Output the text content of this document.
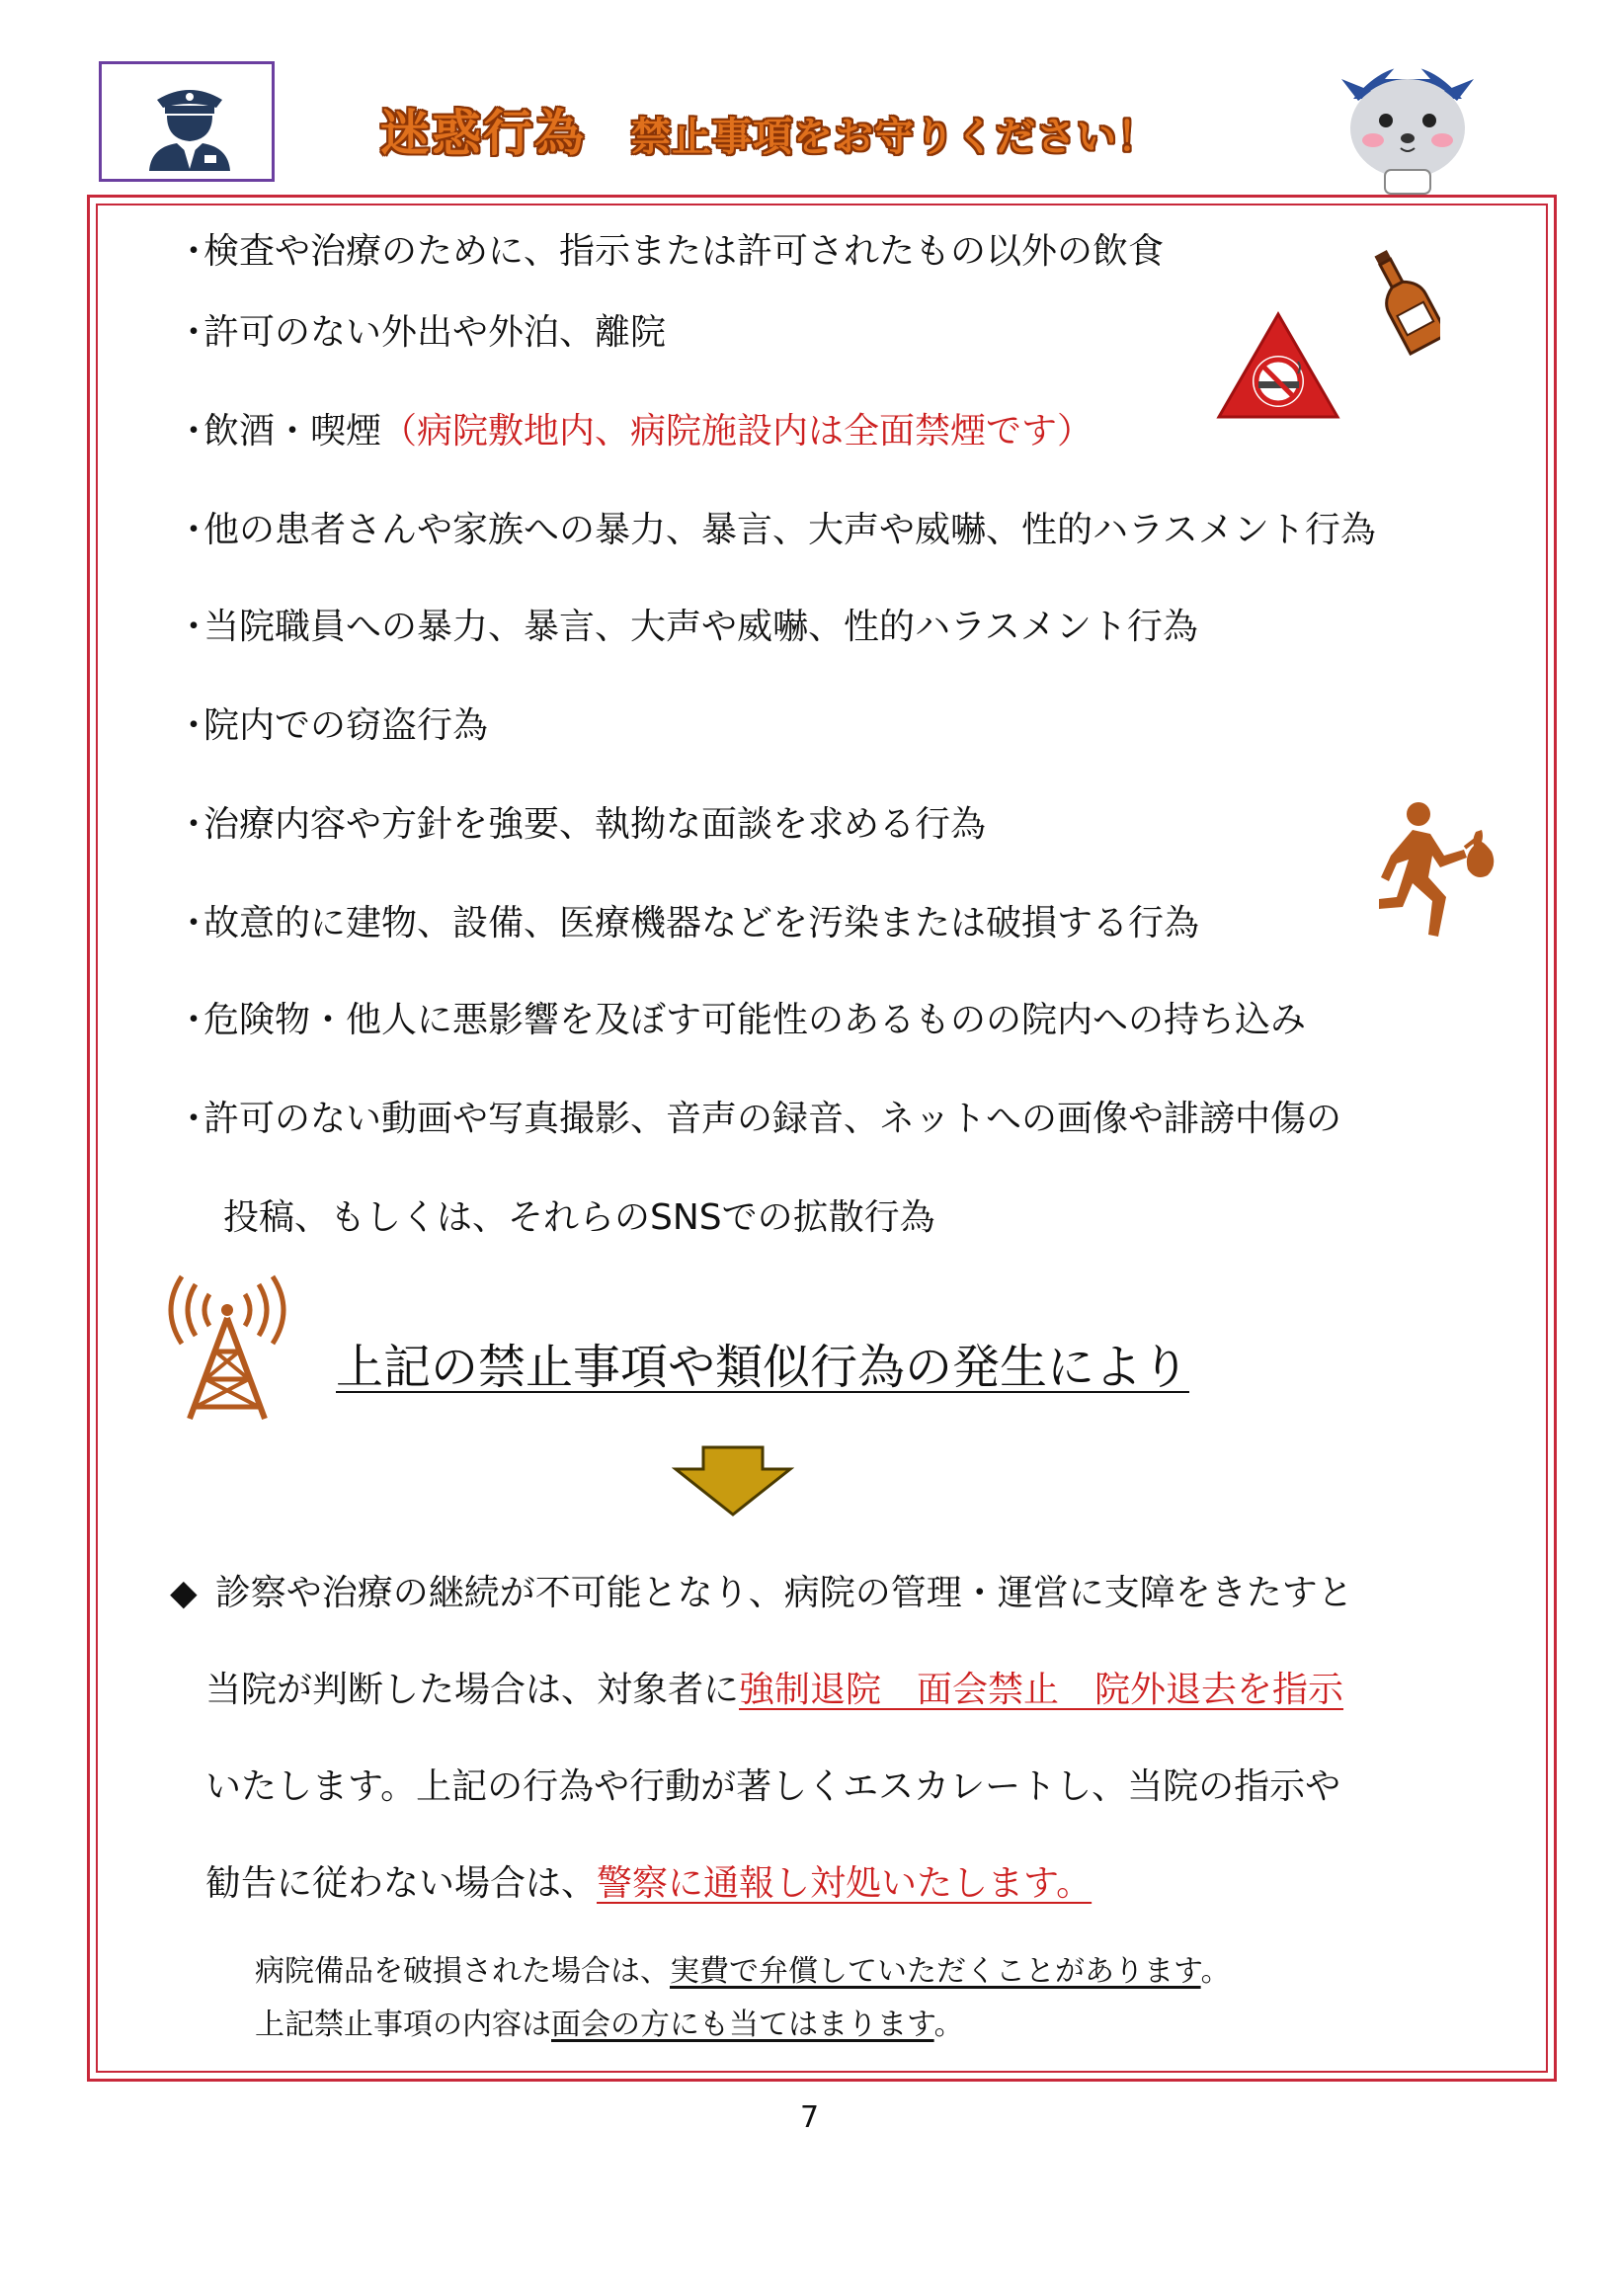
迷惑行為 禁止事項をお守りください！
・検査や治療のために、指示または許可されたもの以外の飲食
・許可のない外出や外泊、離院
・飲酒・喫煙（病院敷地内、病院施設内は全面禁煙です）
・他の患者さんや家族への暴力、暴言、大声や威嚇、性的ハラスメント行為
・当院職員への暴力、暴言、大声や威嚇、性的ハラスメント行為
・院内での窃盗行為
・治療内容や方針を強要、執拗な面談を求める行為
・故意的に建物、設備、医療機器などを汚染または破損する行為
・危険物・他人に悪影響を及ぼす可能性のあるものの院内への持ち込み
・許可のない動画や写真撮影、音声の録音、ネットへの画像や誹謗中傷の
投稿、もしくは、それらのSNSでの拡散行為
上記の禁止事項や類似行為の発生により
◆ 診察や治療の継続が不可能となり、病院の管理・運営に支障をきたすと
当院が判断した場合は、対象者に強制退院　面会禁止　院外退去を指示
いたします。上記の行為や行動が著しくエスカレートし、当院の指示や
勧告に従わない場合は、警察に通報し対処いたします。
病院備品を破損された場合は、実費で弁償していただくことがあります。
上記禁止事項の内容は面会の方にも当てはまります。
7
